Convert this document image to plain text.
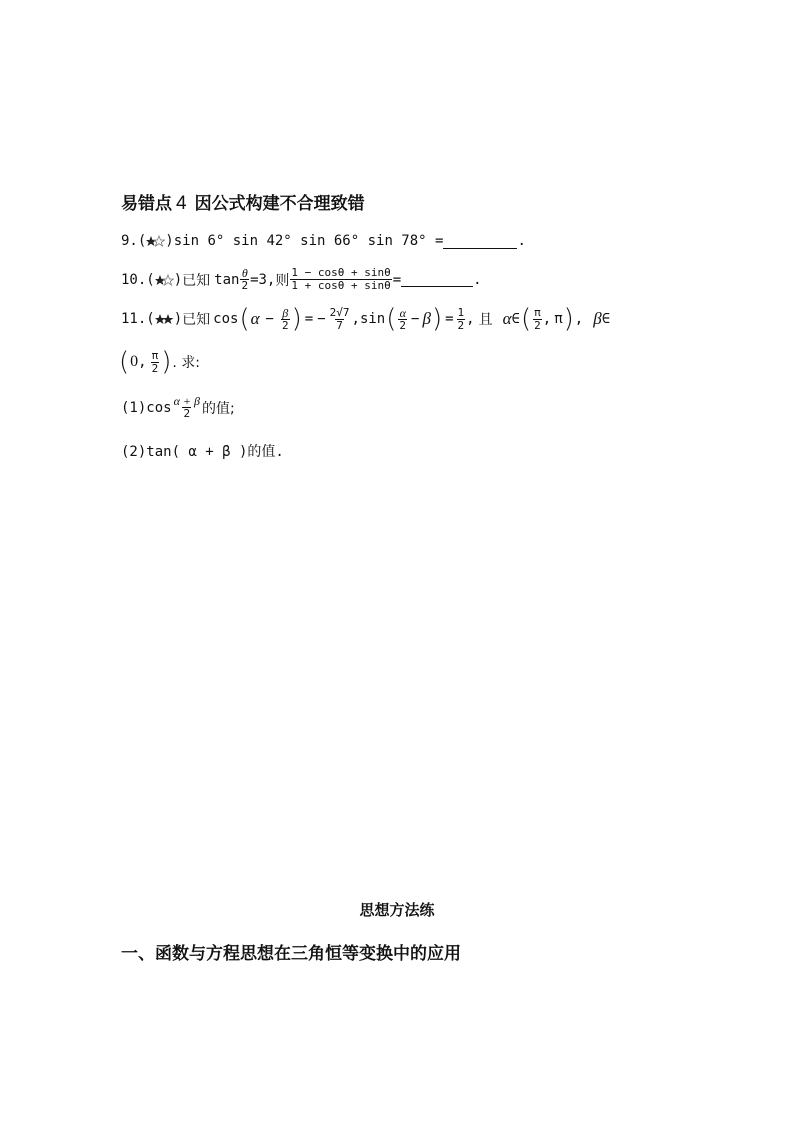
易错点 4 因公式构建不合理致错
9.( ) sin 6° sin 42° sin 66° sin 78° =	.
10.( ) 已知 $\tan \frac{\theta}{2} =3$, 则 $\frac{1 - \cos\theta + \sin\theta}{1 + \cos\theta + \sin\theta}$ =	.
11.( ) 已知 cos ( $\alpha - \frac{\beta}{2}$ ) = − $\frac{2√7}{7}$ , sin ( $\frac{\alpha}{2} - \beta$ ) = $\frac{1}{2}$ , 且 α ∈ ( $\frac{\pi}{2}$ , π ) , β ∈
( 0 , $\frac{\pi}{2}$ ) . 求:
$(1)\cos \frac{\alpha + \beta}{2}$ 的值;
(2)tan( α + β )的值.
思想方法练
一、函数与方程思想在三角恒等变换中的应用
